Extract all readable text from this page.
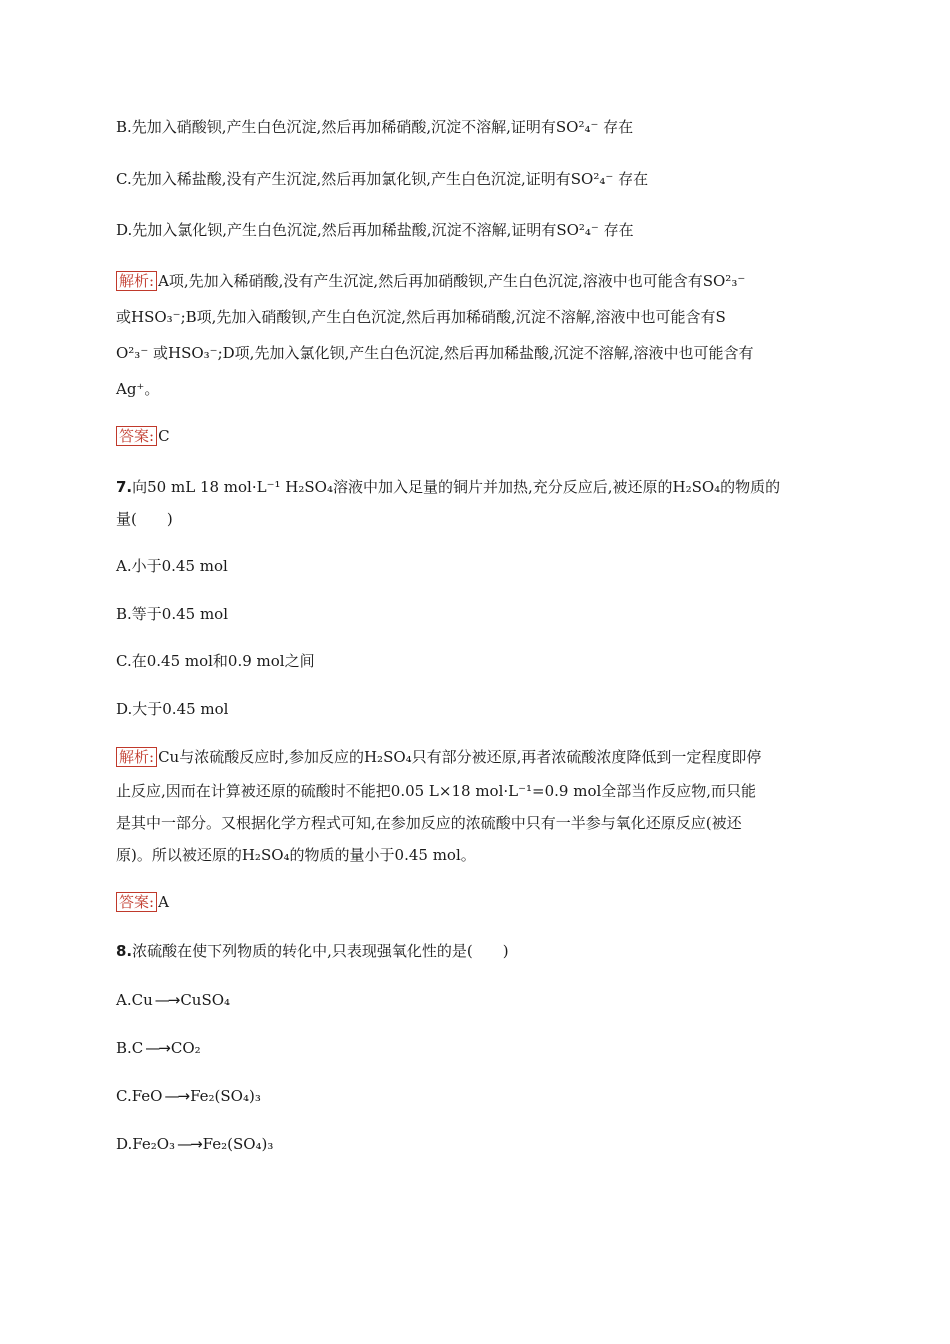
B.先加入硝酸钡,产生白色沉淀,然后再加稀硝酸,沉淀不溶解,证明有SO²₄⁻ 存在
C.先加入稀盐酸,没有产生沉淀,然后再加氯化钡,产生白色沉淀,证明有SO²₄⁻ 存在
D.先加入氯化钡,产生白色沉淀,然后再加稀盐酸,沉淀不溶解,证明有SO²₄⁻ 存在
解析: A项,先加入稀硝酸,没有产生沉淀,然后再加硝酸钡,产生白色沉淀,溶液中也可能含有SO²₃⁻
或HSO₃⁻;B项,先加入硝酸钡,产生白色沉淀,然后再加稀硝酸,沉淀不溶解,溶液中也可能含有S
O²₃⁻ 或HSO₃⁻;D项,先加入氯化钡,产生白色沉淀,然后再加稀盐酸,沉淀不溶解,溶液中也可能含有
Ag⁺。
答案: C
7.向50 mL 18 mol·L⁻¹ H₂SO₄溶液中加入足量的铜片并加热,充分反应后,被还原的H₂SO₄的物质的
量(　　)
A.小于0.45 mol
B.等于0.45 mol
C.在0.45 mol和0.9 mol之间
D.大于0.45 mol
解析: Cu与浓硫酸反应时,参加反应的H₂SO₄只有部分被还原,再者浓硫酸浓度降低到一定程度即停
止反应,因而在计算被还原的硫酸时不能把0.05 L×18 mol·L⁻¹=0.9 mol全部当作反应物,而只能
是其中一部分。又根据化学方程式可知,在参加反应的浓硫酸中只有一半参与氧化还原反应(被还
原)。所以被还原的H₂SO₄的物质的量小于0.45 mol。
答案: A
8.浓硫酸在使下列物质的转化中,只表现强氧化性的是(　　)
A.Cu —→ CuSO₄
B.C —→ CO₂
C.FeO —→ Fe₂(SO₄)₃
D.Fe₂O₃ —→ Fe₂(SO₄)₃
